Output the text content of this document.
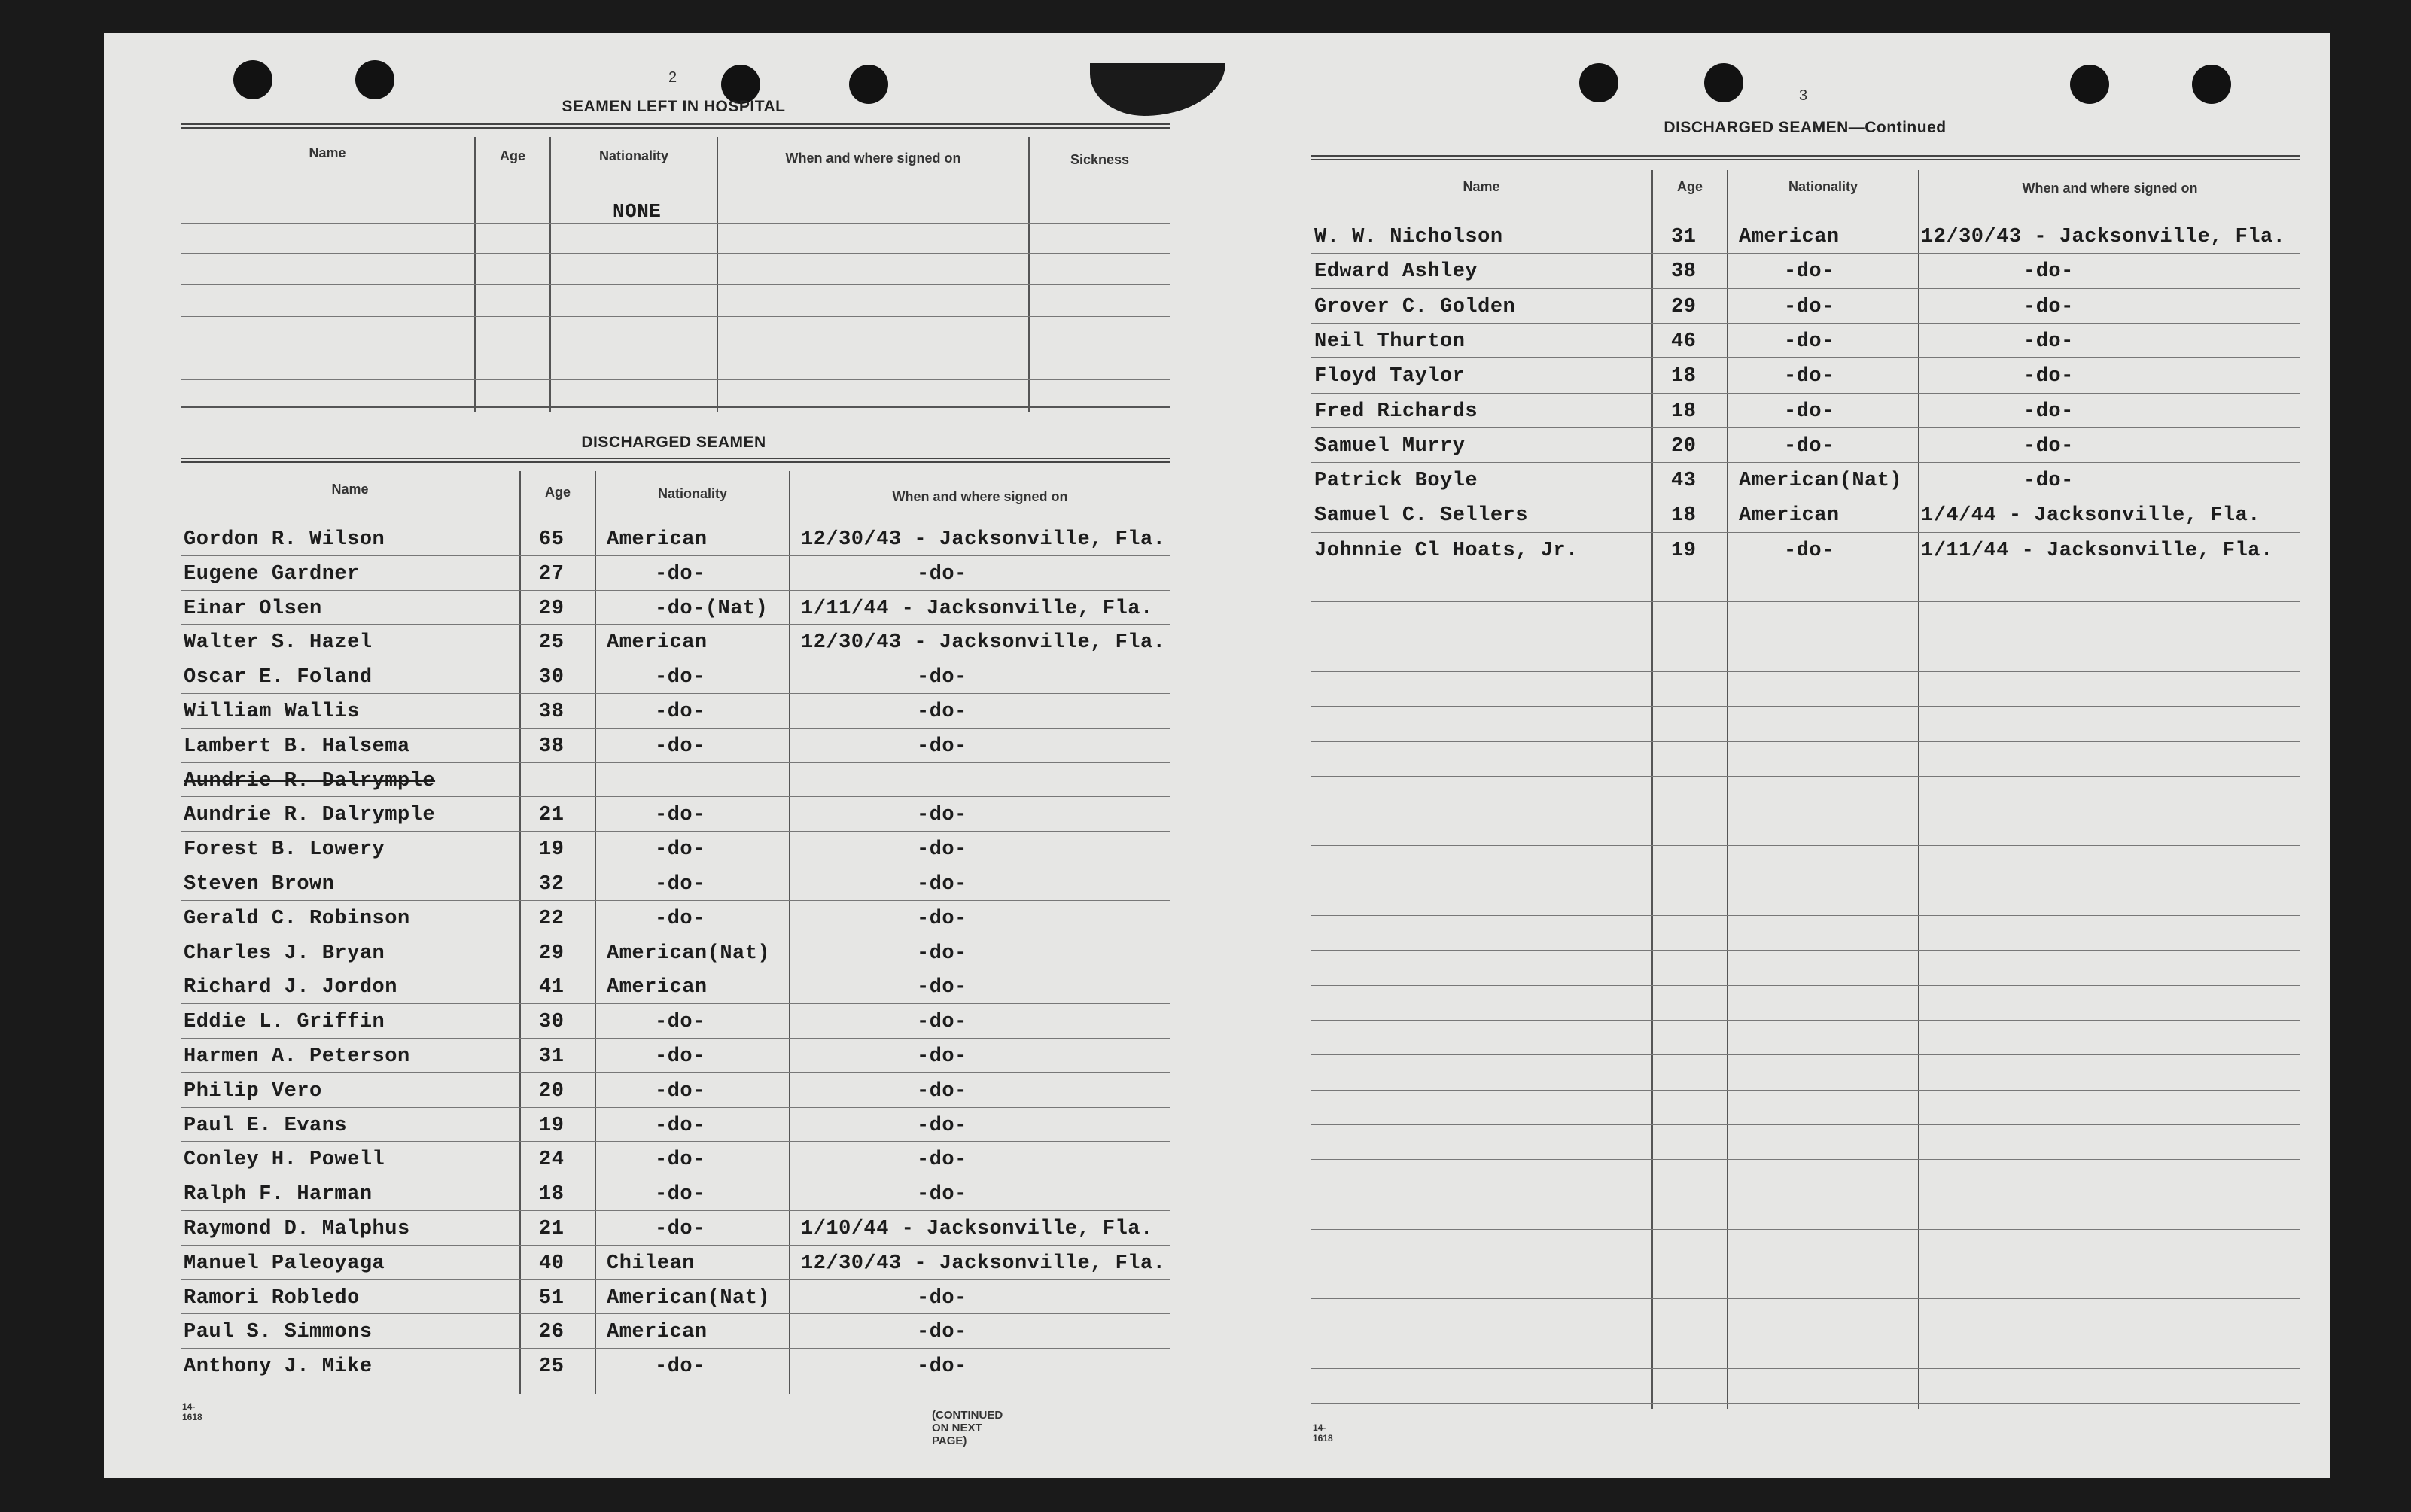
2
SEAMEN LEFT IN HOSPITAL
Name	Age	Nationality	When and where signed on	Sickness
NONE
DISCHARGED SEAMEN
Name	Age	Nationality	When and where signed on
Gordon R. Wilson	65 American	12/30/43 - Jacksonville, Fla.
Eugene Gardner	27	-do-	-do-
Einar Olsen	29	-do-(Nat) 1/11/44 - Jacksonville, Fla.
Walter S. Hazel	25 American	12/30/43 - Jacksonville, Fla.
Oscar E. Foland	30	-do-	-do-
William Wallis	38	-do-	-do-
Lambert B. Halsema	38	-do-	-do-
Aundrie R. Dalrymple
Aundrie R. Dalrymple	21	-do-	-do-
Forest B. Lowery	19	-do-	-do-
Steven Brown	32	-do-	-do-
Gerald C. Robinson	22	-do-	-do-
Charles J. Bryan	29 American(Nat)	-do-
Richard J. Jordon	41 American	-do-
Eddie L. Griffin	30	-do-	-do-
Harmen A. Peterson	31	-do-	-do-
Philip Vero	20	-do-	-do-
Paul E. Evans	19	-do-	-do-
Conley H. Powell	24	-do-	-do-
Ralph F. Harman	18	-do-	-do-
Raymond D. Malphus	21	-do-	1/10/44 - Jacksonville, Fla.
Manuel Paleoyaga	40 Chilean	12/30/43 - Jacksonville, Fla.
Ramori Robledo	51 American(Nat)	-do-
Paul S. Simmons	26 American	-do-
Anthony J. Mike	25	-do-	-do-
14-1618	(CONTINUED ON NEXT PAGE)
3
DISCHARGED SEAMEN—Continued
Name	Age	Nationality	When and where signed on
W. W. Nicholson	31 American	12/30/43 - Jacksonville, Fla.
Edward Ashley	38	-do-	-do-
Grover C. Golden	29	-do-	-do-
Neil Thurton	46	-do-	-do-
Floyd Taylor	18	-do-	-do-
Fred Richards	18	-do-	-do-
Samuel Murry	20	-do-	-do-
Patrick Boyle	43 American(Nat)	-do-
Samuel C. Sellers	18 American	1/4/44 - Jacksonville, Fla.
Johnnie Cl Hoats, Jr.	19	-do-	1/11/44 - Jacksonville, Fla.
14-1618
